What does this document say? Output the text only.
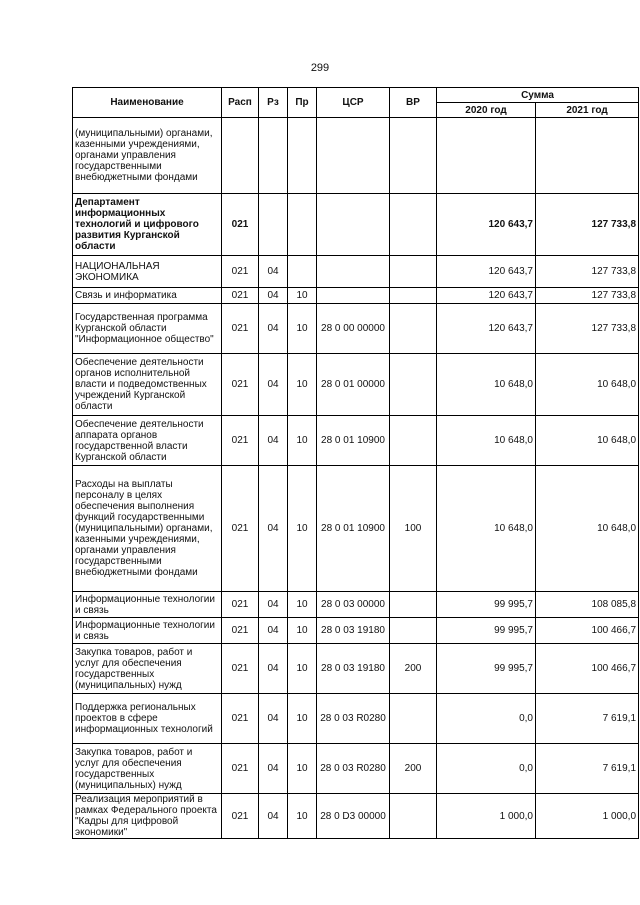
299
Наименование	Расп	Рз	Пр	ЦСР	ВР	Сумма	
						2020 год	2021 год
(муниципальными) органами, казенными учреждениями, органами управления государственными внебюджетными фондами							
Департамент информационных технологий и цифрового развития Курганской области	021					120 643,7	127 733,8
НАЦИОНАЛЬНАЯ ЭКОНОМИКА	021	04				120 643,7	127 733,8
Связь и информатика	021	04	10			120 643,7	127 733,8
Государственная программа Курганской области "Информационное общество"	021	04	10	28 0 00 00000		120 643,7	127 733,8
Обеспечение деятельности органов исполнительной власти и подведомственных учреждений Курганской области	021	04	10	28 0 01 00000		10 648,0	10 648,0
Обеспечение деятельности аппарата органов государственной власти Курганской области	021	04	10	28 0 01 10900		10 648,0	10 648,0
Расходы на выплаты персоналу в целях обеспечения выполнения функций государственными (муниципальными) органами, казенными учреждениями, органами управления государственными внебюджетными фондами	021	04	10	28 0 01 10900	100	10 648,0	10 648,0
Информационные технологии и связь	021	04	10	28 0 03 00000		99 995,7	108 085,8
Информационные технологии и связь	021	04	10	28 0 03 19180		99 995,7	100 466,7
Закупка товаров, работ и услуг для обеспечения государственных (муниципальных) нужд	021	04	10	28 0 03 19180	200	99 995,7	100 466,7
Поддержка региональных проектов в сфере информационных технологий	021	04	10	28 0 03 R0280		0,0	7 619,1
Закупка товаров, работ и услуг для обеспечения государственных (муниципальных) нужд	021	04	10	28 0 03 R0280	200	0,0	7 619,1
Реализация мероприятий в рамках Федерального проекта "Кадры для цифровой экономики"	021	04	10	28 0 D3 00000		1 000,0	1 000,0
